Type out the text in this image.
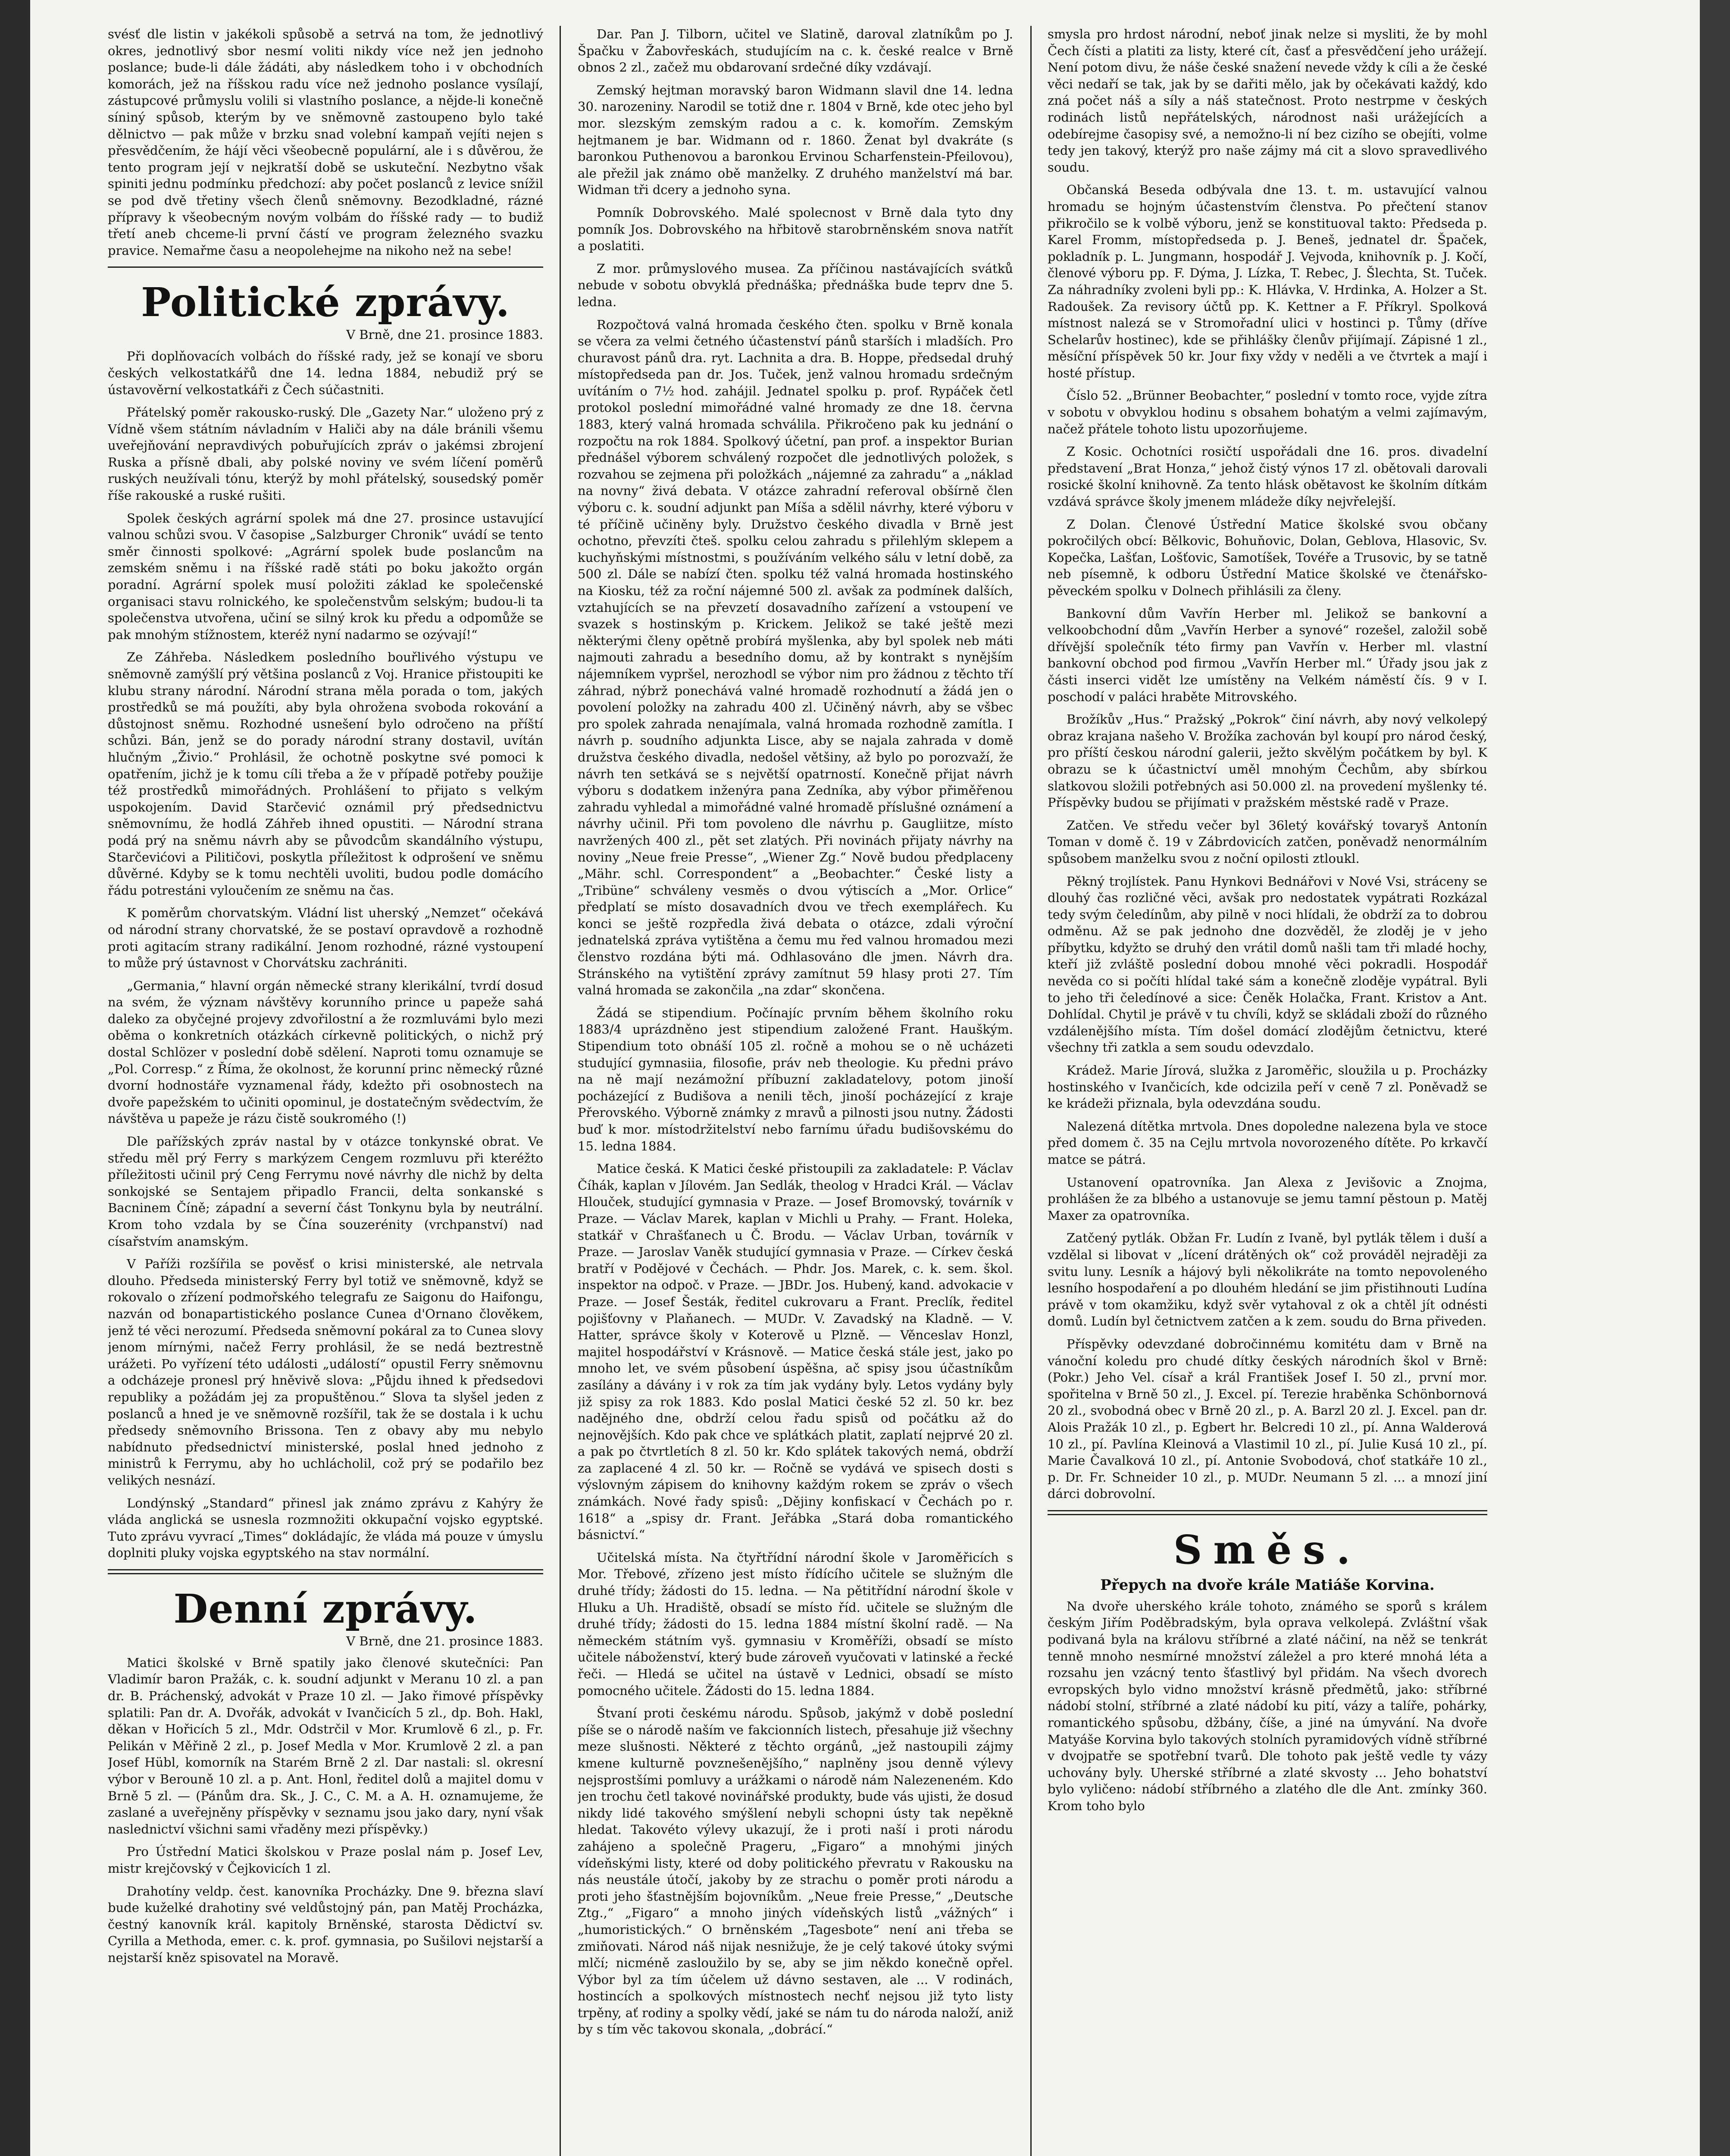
svésť dle listin v jakékoli spůsobě a setrvá na tom, že jednotlivý okres, jednotlivý sbor nesmí voliti nikdy více než jen jednoho poslance; bude-li dále žádáti, aby následkem toho i v obchodních komorách, jež na říšskou radu více než jednoho poslance vysílají, zástupcové průmyslu volili si vlastního poslance, a nějde-li konečně síniný spůsob, kterým by ve sněmovně zastoupeno bylo také dělnictvo — pak může v brzku snad volební kampaň vejíti nejen s přesvědčením, že hájí věci všeobecně populární, ale i s důvěrou, že tento program její v nejkratší době se uskuteční. Nezbytno však spiniti jednu podmínku předchozí: aby počet poslanců z levice snížil se pod dvě třetiny všech členů sněmovny. Bezodkladné, rázné přípravy k všeobecným novým volbám do říšské rady — to budiž třetí aneb chceme-li první částí ve program železného svazku pravice. Nemařme času a neopolehejme na nikoho než na sebe!

Politické zprávy.
V Brně, dne 21. prosince 1883.

Při doplňovacích volbách do říšské rady, jež se konají ve sboru českých velkostatkářů dne 14. ledna 1884, nebudiž prý se ústavověrní velkostatkáři z Čech súčastniti.

Přátelský poměr rakousko-ruský. Dle „Gazety Nar.“ uloženo prý z Vídně všem státním návladním v Haliči aby na dále bránili všemu uveřejňování nepravdivých pobuřujících zpráv o jakémsi zbrojení Ruska a přísně dbali, aby polské noviny ve svém líčení poměrů ruských neužívali tónu, kterýž by mohl přátelský, sousedský poměr říše rakouské a ruské rušiti.

Spolek českých agrární spolek má dne 27. prosince ustavující valnou schůzi svou. V časopise „Salzburger Chronik“ uvádí se tento směr činnosti spolkové: „Agrární spolek bude poslancům na zemském sněmu i na říšské radě státi po boku jakožto orgán poradní. Agrární spolek musí položiti základ ke společenské organisaci stavu rolnického, ke společenstvům selským; budou-li ta společenstva utvořena, učiní se silný krok ku předu a odpomůže se pak mnohým stížnostem, kteréž nyní nadarmo se ozývají!“

Ze Záhřeba. Následkem posledního bouřlivého výstupu ve sněmovně zamýšlí prý většina poslanců z Voj. Hranice přistoupiti ke klubu strany národní. Národní strana měla porada o tom, jakých prostředků se má použíti, aby byla ohrožena svoboda rokování a důstojnost sněmu. Rozhodné usnešení bylo odročeno na příští schůzi. Bán, jenž se do porady národní strany dostavil, uvítán hlučným „Živio.“ Prohlásil, že ochotně poskytne své pomoci k opatřením, jichž je k tomu cíli třeba a že v případě potřeby použije též prostředků mimořádných. Prohlášení to přijato s velkým uspokojením. David Starčević oznámil prý předsednictvu sněmovnímu, že hodlá Záhřeb ihned opustiti. — Národní strana podá prý na sněmu návrh aby se původcům skandálního výstupu, Starčevićovi a Pilitičovi, poskytla příležitost k odprošení ve sněmu důvěrné. Kdyby se k tomu nechtěli uvoliti, budou podle domácího řádu potrestáni vyloučením ze sněmu na čas.

K poměrům chorvatským. Vládní list uherský „Nemzet“ očekává od národní strany chorvatské, že se postaví opravdově a rozhodně proti agitacím strany radikální. Jenom rozhodné, rázné vystoupení to může prý ústavnost v Chorvátsku zachrániti.

„Germania,“ hlavní orgán německé strany klerikální, tvrdí dosud na svém, že význam návštěvy korunního prince u papeže sahá daleko za obyčejné projevy zdvořilostní a že rozmluvámi bylo mezi oběma o konkretních otázkách církevně politických, o nichž prý dostal Schlözer v poslední době sdělení. Naproti tomu oznamuje se „Pol. Corresp.“ z Říma, že okolnost, že korunní princ německý různé dvorní hodnostáře vyznamenal řády, kdežto při osobnostech na dvoře papežském to učiniti opominul, je dostatečným svědectvím, že návštěva u papeže je rázu čistě soukromého (!)

Dle pařížských zpráv nastal by v otázce tonkynské obrat. Ve středu měl prý Ferry s markýzem Cengem rozmluvu při kteréžto příležitosti učinil prý Ceng Ferrymu nové návrhy dle nichž by delta sonkojské se Sentajem připadlo Francii, delta sonkanské s Bacninem Číně; západní a severní část Tonkynu byla by neutrální. Krom toho vzdala by se Čína souzerénity (vrchpanství) nad císařstvím anamským.

V Paříži rozšířila se pověsť o krisi ministerské, ale netrvala dlouho. Předseda ministerský Ferry byl totiž ve sněmovně, když se rokovalo o zřízení podmořského telegrafu ze Saigonu do Haifongu, nazván od bonapartistického poslance Cunea d'Ornano člověkem, jenž té věci nerozumí. Předseda sněmovní pokáral za to Cunea slovy jenom mírnými, načež Ferry prohlásil, že se nedá beztrestně urážeti. Po vyřízení této události „událostí“ opustil Ferry sněmovnu a odcházeje pronesl prý hněvivě slova: „Půjdu ihned k předsedovi republiky a požádám jej za propuštěnou.“ Slova ta slyšel jeden z poslanců a hned je ve sněmovně rozšířil, tak že se dostala i k uchu předsedy sněmovního Brissona. Ten z obavy aby mu nebylo nabídnuto předsednictví ministerské, poslal hned jednoho z ministrů k Ferrymu, aby ho uchlácholil, což prý se podařilo bez velikých nesnází.

Londýnský „Standard“ přinesl jak známo zprávu z Kahýry že vláda anglická se usnesla rozmnožiti okkupační vojsko egyptské. Tuto zprávu vyvrací „Times“ dokládajíc, že vláda má pouze v úmyslu doplniti pluky vojska egyptského na stav normální.

Denní zprávy.
V Brně, dne 21. prosince 1883.

Matici školské v Brně spatily jako členové skutečníci: Pan Vladimír baron Pražák, c. k. soudní adjunkt v Meranu 10 zl. a pan dr. B. Práchenský, advokát v Praze 10 zl. — Jako řimové příspěvky splatili: Pan dr. A. Dvořák, advokát v Ivančicích 5 zl., dp. Boh. Hakl, děkan v Hořicích 5 zl., Mdr. Odstrčil v Mor. Krumlově 6 zl., p. Fr. Pelikán v Měřině 2 zl., p. Josef Medla v Mor. Krumlově 2 zl. a pan Josef Hübl, komorník na Starém Brně 2 zl. Dar nastali: sl. okresní výbor v Berouně 10 zl. a p. Ant. Honl, ředitel dolů a majitel domu v Brně 5 zl. — (Pánům dra. Sk., J. C., C. M. a A. H. oznamujeme, že zaslané a uveřejněny příspěvky v seznamu jsou jako dary, nyní však naslednictví všichni sami vřaděny mezi příspěvky.)

Pro Ústřední Matici školskou v Praze poslal nám p. Josef Lev, mistr krejčovský v Čejkovicích 1 zl.

Drahotíny veldp. čest. kanovníka Procházky. Dne 9. března slaví bude kuželké drahotiny své veldůstojný pán, pan Matěj Procházka, čestný kanovník král. kapitoly Brněnské, starosta Dědictví sv. Cyrilla a Methoda, emer. c. k. prof. gymnasia, po Sušilovi nejstarší a nejstarší kněz spisovatel na Moravě.

Dar. Pan J. Tilborn, učitel ve Slatině, daroval zlatníkům po J. Špačku v Žabovřeskách, studujícím na c. k. české realce v Brně obnos 2 zl., začež mu obdarovaní srdečné díky vzdávají.

Zemský hejtman moravský baron Widmann slavil dne 14. ledna 30. narozeniny. Narodil se totiž dne r. 1804 v Brně, kde otec jeho byl mor. slezským zemským radou a c. k. komořím. Zemským hejtmanem je bar. Widmann od r. 1860. Ženat byl dvakráte (s baronkou Puthenovou a baronkou Ervinou Scharfenstein-Pfeilovou), ale přežil jak známo obě manželky. Z druhého manželství má bar. Widman tři dcery a jednoho syna.

Pomník Dobrovského. Malé spolecnost v Brně dala tyto dny pomník Jos. Dobrovského na hřbitově starobrněnském snova natřít a poslatiti.

Z mor. průmyslového musea. Za příčinou nastávajících svátků nebude v sobotu obvyklá přednáška; přednáška bude teprv dne 5. ledna.

Rozpočtová valná hromada českého čten. spolku v Brně konala se včera za velmi četného účastenství pánů starších i mladších. Pro churavost pánů dra. ryt. Lachnita a dra. B. Hoppe, předsedal druhý místopředseda pan dr. Jos. Tuček, jenž valnou hromadu srdečným uvítáním o 7½ hod. zahájil. Jednatel spolku p. prof. Rypáček četl protokol poslední mimořádné valné hromady ze dne 18. června 1883, který valná hromada schválila. Přikročeno pak ku jednání o rozpočtu na rok 1884. Spolkový účetní, pan prof. a inspektor Burian přednášel výborem schválený rozpočet dle jednotlivých položek, s rozvahou se zejmena při položkách „nájemné za zahradu“ a „náklad na novny“ živá debata. V otázce zahradní referoval obšírně člen výboru c. k. soudní adjunkt pan Míša a sdělil návrhy, které výboru v té příčině učiněny byly. Družstvo českého divadla v Brně jest ochotno, převzíti čteš. spolku celou zahradu s přilehlým sklepem a kuchyňskými místnostmi, s používáním velkého sálu v letní době, za 500 zl. Dále se nabízí čten. spolku též valná hromada hostinského na Kiosku, též za roční nájemné 500 zl. avšak za podmínek dalších, vztahujících se na převzetí dosavadního zařízení a vstoupení ve svazek s hostinským p. Krickem. Jelikož se také ještě mezi některými členy opětně probírá myšlenka, aby byl spolek neb máti najmouti zahradu a besedního domu, až by kontrakt s nynějším nájemníkem vypršel, nerozhodl se výbor nim pro žádnou z těchto tří záhrad, nýbrž ponechává valné hromadě rozhodnutí a žádá jen o povolení položky na zahradu 400 zl. Učiněný návrh, aby se všbec pro spolek zahrada nenajímala, valná hromada rozhodně zamítla. I návrh p. soudního adjunkta Lisce, aby se najala zahrada v domě družstva českého divadla, nedošel většiny, až bylo po porozvaží, že návrh ten setkává se s největší opatrností. Konečně přijat návrh výboru s dodatkem inženýra pana Zedníka, aby výbor přiměřenou zahradu vyhledal a mimořádné valné hromadě příslušné oznámení a návrhy učinil. Při tom povoleno dle návrhu p. Gaugliitze, místo navržených 400 zl., pět set zlatých. Při novinách přijaty návrhy na noviny „Neue freie Presse“, „Wiener Zg.“ Nově budou předplaceny „Mähr. schl. Correspondent“ a „Beobachter.“ České listy a „Tribüne“ schváleny vesměs o dvou výtiscích a „Mor. Orlice“ předplatí se místo dosavadních dvou ve třech exemplářech. Ku konci se ještě rozpředla živá debata o otázce, zdali výroční jednatelská zpráva vytištěna a čemu mu řed valnou hromadou mezi členstvo rozdána býti má. Odhlasováno dle jmen. Návrh dra. Stránského na vytištění zprávy zamítnut 59 hlasy proti 27. Tím valná hromada se zakončila „na zdar“ skončena.

Žádá se stipendium. Počínajíc prvním během školního roku 1883/4 uprázdněno jest stipendium založené Frant. Hauškým. Stipendium toto obnáší 105 zl. ročně a mohou se o ně ucházeti studující gymnasiia, filosofie, práv neb theologie. Ku předni právo na ně mají nezámožní příbuzní zakladatelovy, potom jinoší pocházející z Budišova a nenili těch, jinoší pocházející z kraje Přerovského. Výborně známky z mravů a pilnosti jsou nutny. Žádosti buď k mor. místodržitelství nebo farnímu úřadu budišovskému do 15. ledna 1884.

Matice česká. K Matici české přistoupili za zakladatele: P. Václav Číhák, kaplan v Jílovém. Jan Sedlák, theolog v Hradci Král. — Václav Hlouček, studující gymnasia v Praze. — Josef Bromovský, továrník v Praze. — Václav Marek, kaplan v Michli u Prahy. — Frant. Holeka, statkář v Chrašťanech u Č. Brodu. — Václav Urban, továrník v Praze. — Jaroslav Vaněk studující gymnasia v Praze. — Církev česká bratří v Podějové v Čechách. — Phdr. Jos. Marek, c. k. sem. škol. inspektor na odpoč. v Praze. — JBDr. Jos. Hubený, kand. advokacie v Praze. — Josef Šesták, ředitel cukrovaru a Frant. Preclík, ředitel pojišťovny v Plaňanech. — MUDr. V. Zavadský na Kladně. — V. Hatter, správce školy v Koterově u Plzně. — Věnceslav Honzl, majitel hospodářství v Krásnově. — Matice česká stále jest, jako po mnoho let, ve svém působení úspěšna, ač spisy jsou účastníkům zasílány a dávány i v rok za tím jak vydány byly. Letos vydány byly již spisy za rok 1883. Kdo poslal Matici české 52 zl. 50 kr. bez nadějného dne, obdrží celou řadu spisů od počátku až do nejnovějších. Kdo pak chce ve splátkách platit, zaplatí nejprvé 20 zl. a pak po čtvrtletích 8 zl. 50 kr. Kdo splátek takových nemá, obdrží za zaplacené 4 zl. 50 kr. — Ročně se vydává ve spisech dosti s výslovným zápisem do knihovny každým rokem se zpráv o všech známkách. Nové řady spisů: „Dějiny konfiskací v Čechách po r. 1618“ a „spisy dr. Frant. Jeřábka „Stará doba romantického básnictví.“

Učitelská místa. Na čtyřtřídní národní škole v Jaroměřicích s Mor. Třebové, zřízeno jest místo řídícího učitele se služným dle druhé třídy; žádosti do 15. ledna. — Na pětitřídní národní škole v Hluku a Uh. Hradiště, obsadí se místo říd. učitele se služným dle druhé třídy; žádosti do 15. ledna 1884 místní školní radě. — Na německém státním vyš. gymnasiu v Kroměříži, obsadí se místo učitele náboženství, který bude zároveň vyučovati v latinské a řecké řeči. — Hledá se učitel na ústavě v Lednici, obsadí se místo pomocného učitele. Žádosti do 15. ledna 1884.

Štvaní proti českému národu. Spůsob, jakýmž v době poslední píše se o národě naším ve fakcionních listech, přesahuje již všechny meze slušnosti. Některé z těchto orgánů, „jež nastoupili zájmy kmene kulturně povznešenějšího,“ naplněny jsou denně výlevy nejsprostšími pomluvy a urážkami o národě nám Nalezeneném. Kdo jen trochu četl takové novinářské produkty, bude vás ujisti, že dosud nikdy lidé takového smýšlení nebyli schopni ústy tak nepěkně hledat. Takovéto výlevy ukazují, že i proti naší i proti národu zahájeno a společně Prageru, „Figaro“ a mnohými jiných vídeňskými listy, které od doby politického převratu v Rakousku na nás neustále útočí, jakoby by ze strachu o poměr proti národu a proti jeho šťastnějším bojovníkům. „Neue freie Presse,“ „Deutsche Ztg.,“ „Figaro“ a mnoho jiných vídeňských listů „vážných“ i „humoristických.“ O brněnském „Tagesbote“ není ani třeba se zmiňovati. Národ náš nijak nesnižuje, že je celý takové útoky svými mlčí; nicméně zasloužilo by se, aby se jim někdo konečně opřel. Výbor byl za tím účelem už dávno sestaven, ale ... V rodinách, hostincích a spolkových místnostech nechť nejsou již tyto listy trpěny, ať rodiny a spolky vědí, jaké se nám tu do národa naloží, aniž by s tím věc takovou skonala, „dobrácí.“

smysla pro hrdost národní, neboť jinak nelze si mysliti, že by mohl Čech čísti a platiti za listy, které cít, časť a přesvědčení jeho urážejí. Není potom divu, že náše české snažení nevede vždy k cíli a že české věci nedaří se tak, jak by se dařiti mělo, jak by očekávati každý, kdo zná počet náš a síly a náš statečnost. Proto nestrpme v českých rodinách listů nepřátelských, národnost naši urážejících a odebírejme časopisy své, a nemožno-li ní bez cizího se obejíti, volme tedy jen takový, kterýž pro naše zájmy má cit a slovo spravedlivého soudu.

Občanská Beseda odbývala dne 13. t. m. ustavující valnou hromadu se hojným účastenstvím členstva. Po přečtení stanov přikročilo se k volbě výboru, jenž se konstituoval takto: Předseda p. Karel Fromm, místopředseda p. J. Beneš, jednatel dr. Špaček, pokladník p. L. Jungmann, hospodář J. Vejvoda, knihovník p. J. Kočí, členové výboru pp. F. Dýma, J. Lízka, T. Rebec, J. Šlechta, St. Tuček. Za náhradníky zvoleni byli pp.: K. Hlávka, V. Hrdinka, A. Holzer a St. Radoušek. Za revisory účtů pp. K. Kettner a F. Příkryl. Spolková místnost nalezá se v Stromořadní ulici v hostinci p. Tůmy (dříve Schelarův hostinec), kde se přihlášky členův přijímají. Zápisné 1 zl., měsíční příspěvek 50 kr. Jour fixy vždy v neděli a ve čtvrtek a mají i hosté přístup.

Číslo 52. „Brünner Beobachter,“ poslední v tomto roce, vyjde zítra v sobotu v obvyklou hodinu s obsahem bohatým a velmi zajímavým, načež přátele tohoto listu upozorňujeme.

Z Kosic. Ochotníci rosičtí uspořádali dne 16. pros. divadelní představení „Brat Honza,“ jehož čistý výnos 17 zl. obětovali darovali rosické školní knihovně. Za tento hlásk obětavost ke školním dítkám vzdává správce školy jmenem mládeže díky nejvřelejší.

Z Dolan. Členové Ústřední Matice školské svou občany pokročilých obcí: Bělkovic, Bohuňovic, Dolan, Geblova, Hlasovic, Sv. Kopečka, Lašťan, Lošťovic, Samotíšek, Tovéře a Trusovic, by se tatně neb písemně, k odboru Ústřední Matice školské ve čtenářsko-pěveckém spolku v Dolnech přihlásili za členy.

Bankovní dům Vavřín Herber ml. Jelikož se bankovní a velkoobchodní dům „Vavřín Herber a synové“ rozešel, založil sobě dřívější společník této firmy pan Vavřín v. Herber ml. vlastní bankovní obchod pod firmou „Vavřín Herber ml.“ Úřady jsou jak z části inserci vidět lze umístěny na Velkém náměstí čís. 9 v I. poschodí v paláci hraběte Mitrovského.

Brožíkův „Hus.“ Pražský „Pokrok“ činí návrh, aby nový velkolepý obraz krajana našeho V. Brožíka zachován byl koupí pro národ český, pro příští českou národní galerii, ježto skvělým počátkem by byl. K obrazu se k účastnictví uměl mnohým Čechům, aby sbírkou slatkovou složili potřebných asi 50.000 zl. na provedení myšlenky té. Příspěvky budou se přijímati v pražském městské radě v Praze.

Zatčen. Ve středu večer byl 36letý kovářský tovaryš Antonín Toman v domě č. 19 v Zábrdovicích zatčen, poněvadž nenormálním spůsobem manželku svou z noční opilosti ztloukl.

Pěkný trojlístek. Panu Hynkovi Bednářovi v Nové Vsi, stráceny se dlouhý čas rozličné věci, avšak pro nedostatek vypátrati Rozkázal tedy svým čeledínům, aby pilně v noci hlídali, že obdrží za to dobrou odměnu. Až se pak jednoho dne dozvěděl, že zloděj je v jeho příbytku, kdyžto se druhý den vrátil domů našli tam tři mladé hochy, kteří již zvláště poslední dobou mnohé věci pokradli. Hospodář nevěda co si počíti hlídal také sám a konečně zloděje vypátral. Byli to jeho tři čeledínové a sice: Čeněk Holačka, Frant. Kristov a Ant. Dohlídal. Chytil je právě v tu chvíli, když se skládali zboží do různého vzdálenějšího místa. Tím došel domácí zlodějům četnictvu, které všechny tři zatkla a sem soudu odevzdalo.

Krádež. Marie Jírová, služka z Jaroměřic, sloužila u p. Procházky hostinského v Ivančicích, kde odcizila peří v ceně 7 zl. Poněvadž se ke krádeži přiznala, byla odevzdána soudu.

Nalezená dítětka mrtvola. Dnes dopoledne nalezena byla ve stoce před domem č. 35 na Cejlu mrtvola novorozeného dítěte. Po krkavčí matce se pátrá.

Ustanovení opatrovníka. Jan Alexa z Jevišovic a Znojma, prohlášen že za blbého a ustanovuje se jemu tamní pěstoun p. Matěj Maxer za opatrovníka.

Zatčený pytlák. Obžan Fr. Ludín z Ivaně, byl pytlák tělem i duší a vzdělal si libovat v „lícení drátěných ok“ což prováděl nejraději za svitu luny. Lesník a hájový byli několikráte na tomto nepovoleného lesního hospodaření a po dlouhém hledání se jim přistihnouti Ludína právě v tom okamžiku, když svěr vytahoval z ok a chtěl jít odnésti domů. Ludín byl četnictvem zatčen a k zem. soudu do Brna přiveden.

Příspěvky odevzdané dobročinnému komitétu dam v Brně na vánoční koledu pro chudé dítky českých národních škol v Brně: (Pokr.) Jeho Vel. císař a král František Josef I. 50 zl., první mor. spořitelna v Brně 50 zl., J. Excel. pí. Terezie hraběnka Schönbornová 20 zl., svobodná obec v Brně 20 zl., p. A. Barzl 20 zl. J. Excel. pan dr. Alois Pražák 10 zl., p. Egbert hr. Belcredi 10 zl., pí. Anna Walderová 10 zl., pí. Pavlína Kleinová a Vlastimil 10 zl., pí. Julie Kusá 10 zl., pí. Marie Čavalková 10 zl., pí. Antonie Svobodová, choť statkáře 10 zl., p. Dr. Fr. Schneider 10 zl., p. MUDr. Neumann 5 zl. ... a mnozí jiní dárci dobrovolní.

Směs.
Přepych na dvoře krále Matiáše Korvina.

Na dvoře uherského krále tohoto, známého se sporů s králem českým Jiřím Poděbradským, byla oprava velkolepá. Zvláštní však podivaná byla na královu stříbrné a zlaté náčiní, na něž se tenkrát tenně mnoho nesmírné množství záležel a pro které mnohá léta a rozsahu jen vzácný tento šťastlivý byl přidám. Na všech dvorech evropských bylo vidno množství krásně předmětů, jako: stříbrné nádobí stolní, stříbrné a zlaté nádobí ku pití, vázy a talíře, pohárky, romantického spůsobu, džbány, číše, a jiné na úmyvání. Na dvoře Matyáše Korvina bylo takových stolních pyramidových vídně stříbrné v dvojpatře se spotřební tvarů. Dle tohoto pak ještě vedle ty vázy uchovány byly. Uherské stříbrné a zlaté skvosty ... Jeho bohatství bylo vyličeno: nádobí stříbrného a zlatého dle dle Ant. zmínky 360. Krom toho bylo
